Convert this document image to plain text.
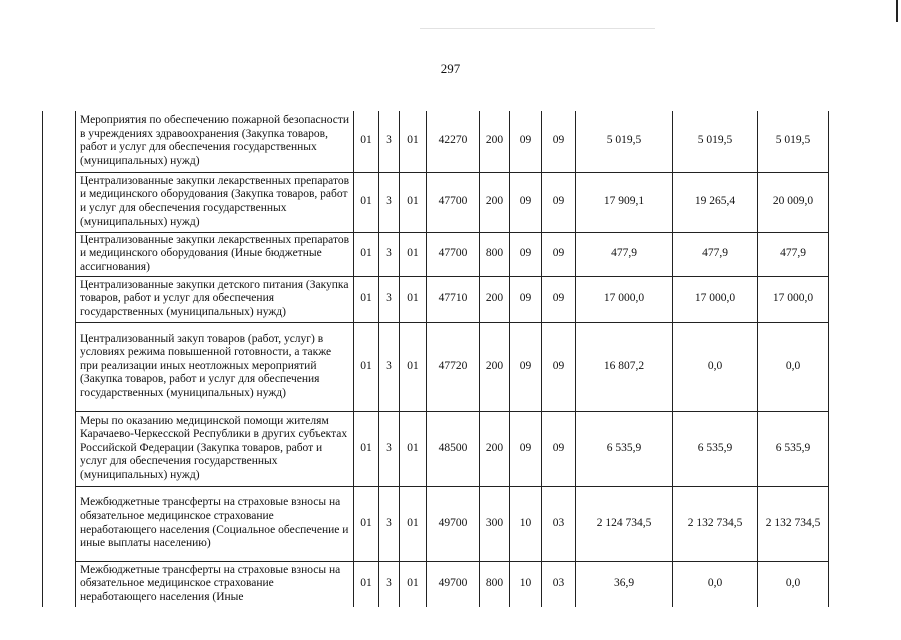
297
	Мероприятия по обеспечению пожарной безопасности в учреждениях здравоохранения (Закупка товаров, работ и услуг для обеспечения государственных (муниципальных) нужд)	01	3	01	42270	200	09	09	5 019,5	5 019,5	5 019,5
	Централизованные закупки лекарственных препаратов и медицинского оборудования (Закупка товаров, работ и услуг для обеспечения государственных (муниципальных) нужд)	01	3	01	47700	200	09	09	17 909,1	19 265,4	20 009,0
	Централизованные закупки лекарственных препаратов и медицинского оборудования (Иные бюджетные ассигнования)	01	3	01	47700	800	09	09	477,9	477,9	477,9
	Централизованные закупки детского питания (Закупка товаров, работ и услуг для обеспечения государственных (муниципальных) нужд)	01	3	01	47710	200	09	09	17 000,0	17 000,0	17 000,0
	Централизованный закуп товаров (работ, услуг) в условиях режима повышенной готовности, а также при реализации иных неотложных мероприятий (Закупка товаров, работ и услуг для обеспечения государственных (муниципальных) нужд)	01	3	01	47720	200	09	09	16 807,2	0,0	0,0
	Меры по оказанию медицинской помощи жителям Карачаево-Черкесской Республики в других субъектах Российской Федерации (Закупка товаров, работ и услуг для обеспечения государственных (муниципальных) нужд)	01	3	01	48500	200	09	09	6 535,9	6 535,9	6 535,9
	Межбюджетные трансферты на страховые взносы на обязательное медицинское страхование неработающего населения (Социальное обеспечение и иные выплаты населению)	01	3	01	49700	300	10	03	2 124 734,5	2 132 734,5	2 132 734,5
	Межбюджетные трансферты на страховые взносы на обязательное медицинское страхование неработающего населения (Иные	01	3	01	49700	800	10	03	36,9	0,0	0,0
